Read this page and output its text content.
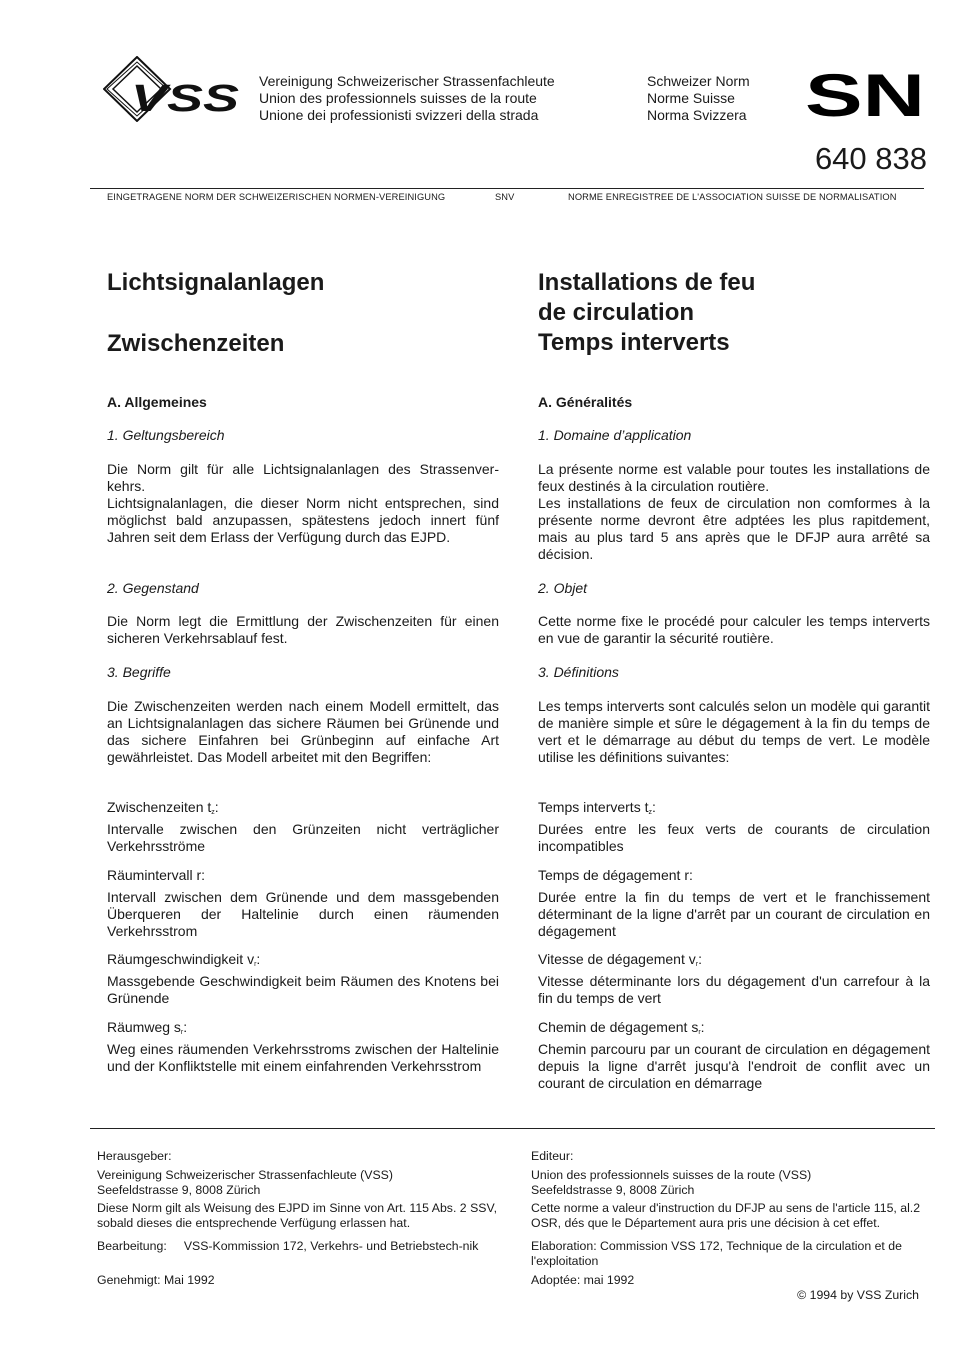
VSS Vereinigung Schweizerischer Strassenfachleute
Union des professionnels suisses de la route
Unione dei professionisti svizzeri della strada
Schweizer Norm
Norme Suisse
Norma Svizzera SN
640 838
EINGETRAGENE NORM DER SCHWEIZERISCHEN NORMEN-VEREINIGUNG	SNV	NORME ENREGISTREE DE L'ASSOCIATION SUISSE DE NORMALISATION
Lichtsignalanlagen
Zwischenzeiten
A. Allgemeines
1. Geltungsbereich

Die Norm gilt für alle Lichtsignalanlagen des Strassenver-kehrs.

Lichtsignalanlagen, die dieser Norm nicht entsprechen, sind möglichst bald anzupassen, spätestens jedoch innert fünf Jahren seit dem Erlass der Verfügung durch das EJPD.

2. Gegenstand

Die Norm legt die Ermittlung der Zwischenzeiten für einen sicheren Verkehrsablauf fest.

3. Begriffe

Die Zwischenzeiten werden nach einem Modell ermittelt, das an Lichtsignalanlagen das sichere Räumen bei Grünende und das sichere Einfahren bei Grünbeginn auf einfache Art gewährleistet. Das Modell arbeitet mit den Begriffen:

Zwischenzeiten $t_z$:

Intervalle zwischen den Grünzeiten nicht verträglicher Verkehrsströme

Räumintervall r:

Intervall zwischen dem Grünende und dem massgebenden Überqueren der Haltelinie durch einen räumenden Verkehrsstrom

Räumgeschwindigkeit $v_r$:

Massgebende Geschwindigkeit beim Räumen des Knotens bei Grünende

Räumweg $s_r$:

Weg eines räumenden Verkehrsstroms zwischen der Haltelinie und der Konfliktstelle mit einem einfahrenden Verkehrsstrom

Installations de feu
de circulation
Temps interverts
A. Généralités
1. Domaine d’application

La présente norme est valable pour toutes les installations de feux destinés à la circulation routière.

Les installations de feux de circulation non comformes à la présente norme devront être adptées les plus rapitdement, mais au plus tard 5 ans après que le DFJP aura arrêté sa décision.

2. Objet

Cette norme fixe le procédé pour calculer les temps interverts en vue de garantir la sécurité routière.

3. Définitions

Les temps interverts sont calculés selon un modèle qui garantit de manière simple et sûre le dégagement à la fin du temps de vert et le démarrage au début du temps de vert. Le modèle utilise les définitions suivantes:

Temps interverts $t_z$:

Durées entre les feux verts de courants de circulation incompatibles

Temps de dégagement r:

Durée entre la fin du temps de vert et le franchissement déterminant de la ligne d'arrêt par un courant de circulation en dégagement

Vitesse de dégagement $v_r$:

Vitesse déterminante lors du dégagement d'un carrefour à la fin du temps de vert

Chemin de dégagement $s_r$:

Chemin parcouru par un courant de circulation en dégagement depuis la ligne d'arrêt jusqu'à l'endroit de conflit avec un courant de circulation en démarrage

Herausgeber:
Vereinigung Schweizerischer Strassenfachleute (VSS)
Seefeldstrasse 9, 8008 Zürich
Diese Norm gilt als Weisung des EJPD im Sinne von Art. 115 Abs. 2 SSV, sobald dieses die entsprechende Verfügung erlassen hat.
Bearbeitung:     VSS-Kommission 172, Verkehrs- und Betriebstech-nik
Genehmigt: Mai 1992
Editeur:
Union des professionnels suisses de la route (VSS)
Seefeldstrasse 9, 8008 Zürich
Cette norme a valeur d'instruction du DFJP au sens de l'article 115, al.2 OSR, dés que le Département aura pris une décision à cet effet.
Elaboration: Commission VSS 172, Technique de la circulation et de l'exploitation
Adoptée: mai 1992
© 1994 by VSS Zurich
